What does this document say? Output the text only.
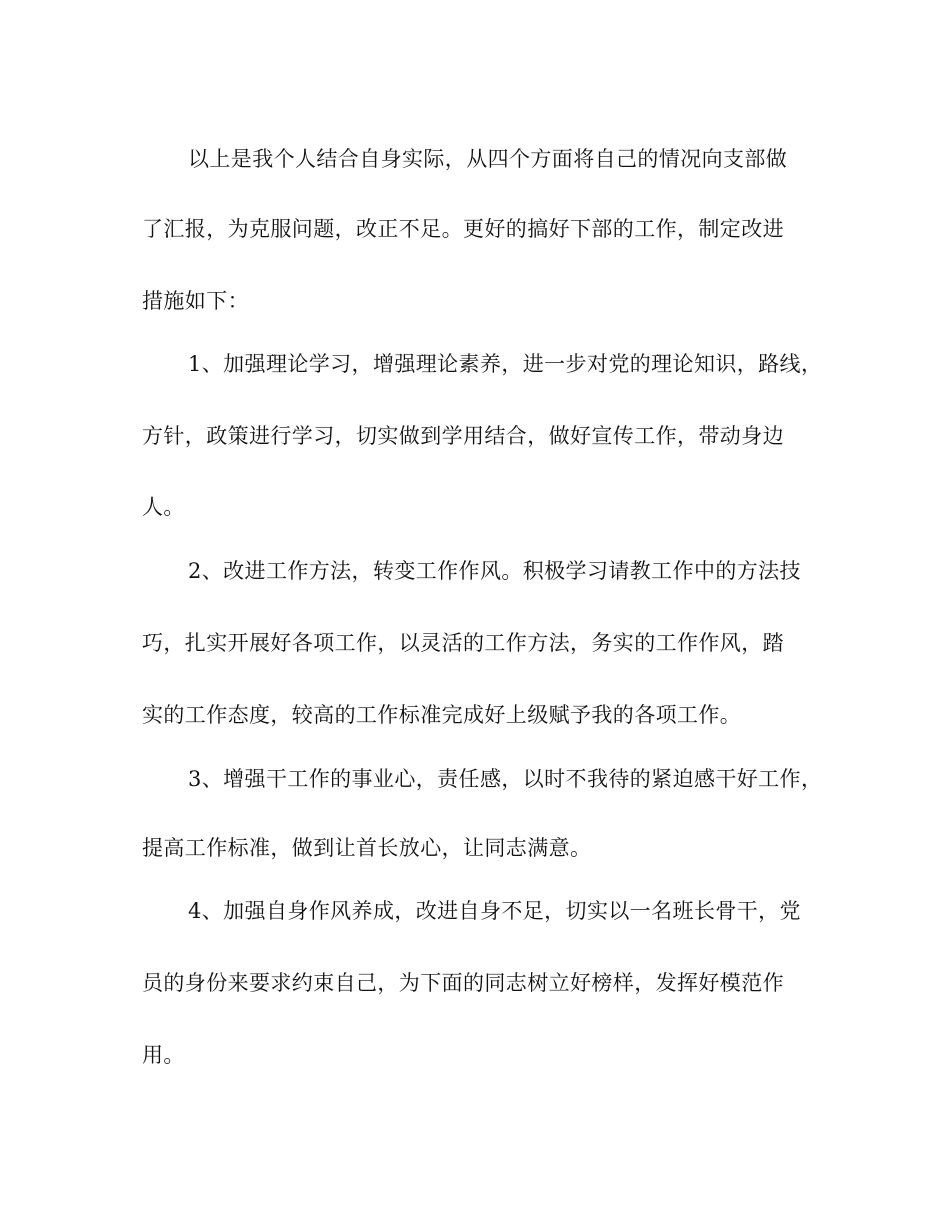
以上是我个人结合自身实际，从四个方面将自己的情况向支部做

了汇报，为克服问题，改正不足。更好的搞好下部的工作，制定改进

措施如下：

1、加强理论学习，增强理论素养，进一步对党的理论知识，路线，

方针，政策进行学习，切实做到学用结合，做好宣传工作，带动身边

人。

2、改进工作方法，转变工作作风。积极学习请教工作中的方法技

巧，扎实开展好各项工作，以灵活的工作方法，务实的工作作风，踏

实的工作态度，较高的工作标准完成好上级赋予我的各项工作。

3、增强干工作的事业心，责任感，以时不我待的紧迫感干好工作，

提高工作标准，做到让首长放心，让同志满意。

4、加强自身作风养成，改进自身不足，切实以一名班长骨干，党

员的身份来要求约束自己，为下面的同志树立好榜样，发挥好模范作

用。
